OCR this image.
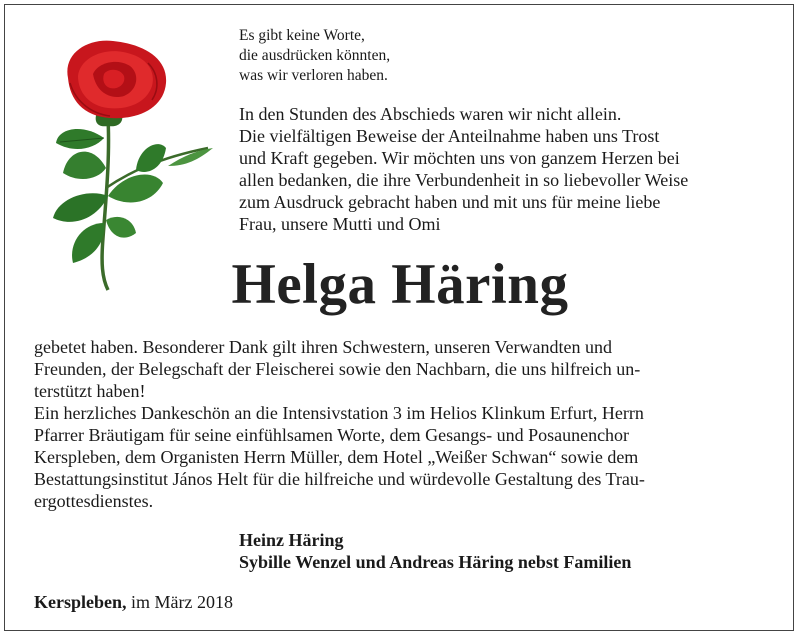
Es gibt keine Worte,
die ausdrücken könnten,
was wir verloren haben.
In den Stunden des Abschieds waren wir nicht allein.
Die vielfältigen Beweise der Anteilnahme haben uns Trost
und Kraft gegeben. Wir möchten uns von ganzem Herzen bei
allen bedanken, die ihre Verbundenheit in so liebevoller Weise
zum Ausdruck gebracht haben und mit uns für meine liebe
Frau, unsere Mutti und Omi
Helga Häring

gebetet haben. Besonderer Dank gilt ihren Schwestern, unseren Verwandten und

Freunden, der Belegschaft der Fleischerei sowie den Nachbarn, die uns hilfreich un-

terstützt haben!

Ein herzliches Dankeschön an die Intensivstation 3 im Helios Klinkum Erfurt, Herrn

Pfarrer Bräutigam für seine einfühlsamen Worte, dem Gesangs- und Posaunenchor

Kerspleben, dem Organisten Herrn Müller, dem Hotel „Weißer Schwan“ sowie dem

Bestattungsinstitut János Helt für die hilfreiche und würdevolle Gestaltung des Trau-

ergottesdienstes.

Heinz Häring
Sybille Wenzel und Andreas Häring nebst Familien
Kerspleben, im März 2018
